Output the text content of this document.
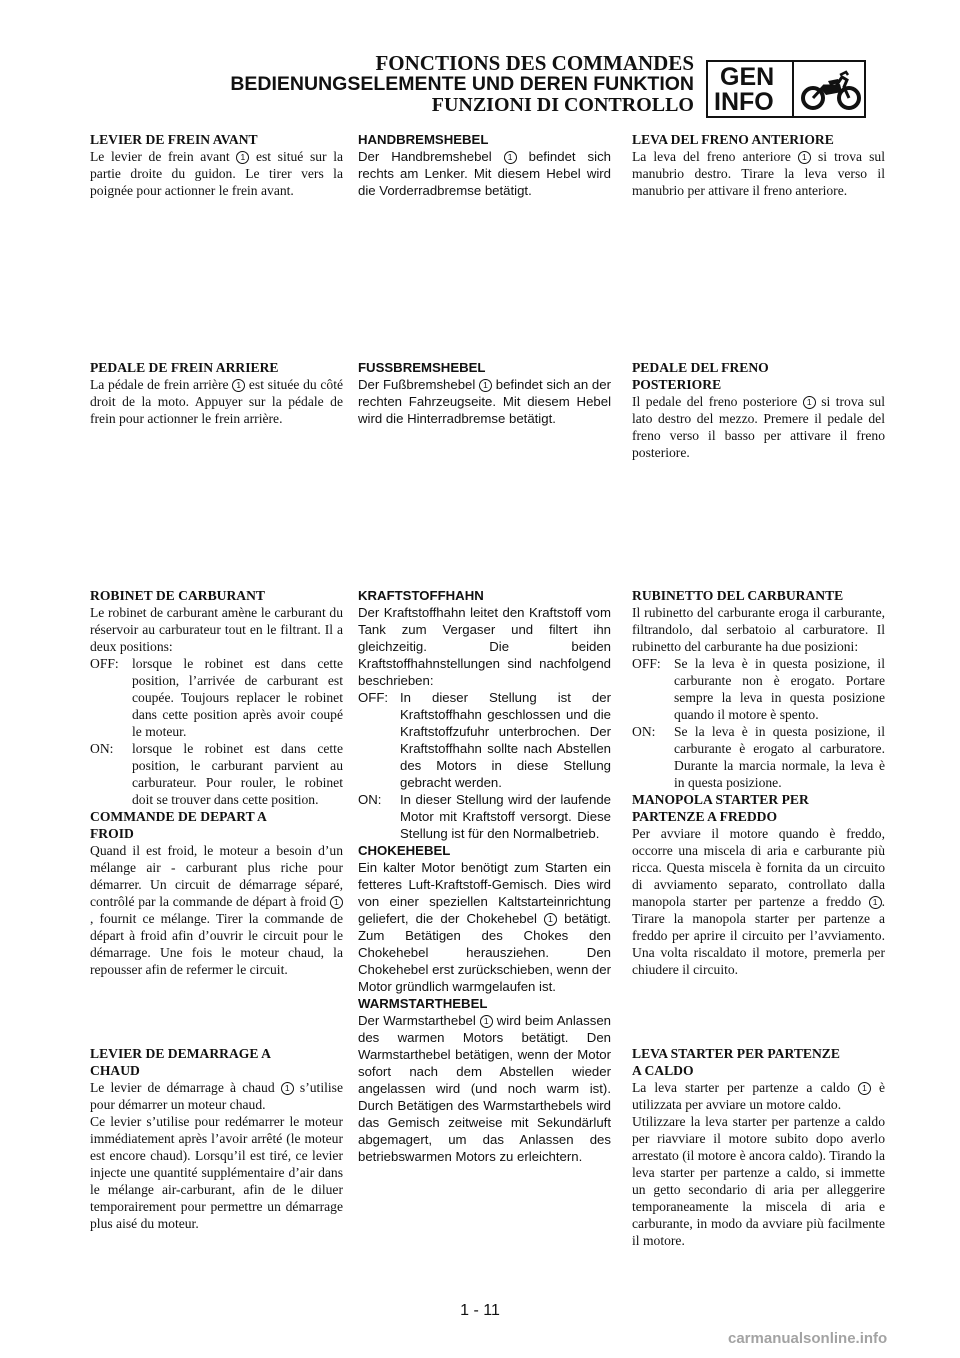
FONCTIONS DES COMMANDES
BEDIENUNGSELEMENTE UND DEREN FUNKTION
FUNZIONI DI CONTROLLO
GEN
INFO

LEVIER DE FREIN AVANT

Le levier de frein avant 1 est situé sur la partie droite du guidon. Le tirer vers la poignée pour actionner le frein avant.

PEDALE DE FREIN ARRIERE

La pédale de frein arrière 1 est située du côté droit de la moto. Appuyer sur la pédale de frein pour actionner le frein arrière.

ROBINET DE CARBURANT

Le robinet de carburant amène le carburant du réservoir au carburateur tout en le filtrant. Il a deux positions:

OFF: lorsque le robinet est dans cette position, l’arrivée de carburant est coupée. Toujours replacer le robinet dans cette position après avoir coupé le moteur.
ON:	lorsque le robinet est dans cette position, le carburant parvient au carburateur. Pour rouler, le robinet doit se trouver dans cette position.

COMMANDE DE DEPART A
FROID

Quand il est froid, le moteur a besoin d’un mélange air - carburant plus riche pour démarrer. Un circuit de démarrage séparé, contrôlé par la commande de départ à froid 1, fournit ce mélange. Tirer la commande de départ à froid afin d’ouvrir le circuit pour le démarrage. Une fois le moteur chaud, la repousser afin de refermer le circuit.

LEVIER DE DEMARRAGE A
CHAUD

Le levier de démarrage à chaud 1 s’utilise pour démarrer un moteur chaud.

Ce levier s’utilise pour redémarrer le moteur immédiatement après l’avoir arrêté (le moteur est encore chaud). Lorsqu’il est tiré, ce levier injecte une quantité supplémentaire d’air dans le mélange air-carburant, afin de le diluer temporairement pour permettre un démarrage plus aisé du moteur.

HANDBREMSHEBEL

Der Handbremshebel 1 befindet sich rechts am Lenker. Mit diesem Hebel wird die Vorderradbremse betätigt.

FUSSBREMSHEBEL

Der Fußbremshebel 1 befindet sich an der rechten Fahrzeugseite. Mit diesem Hebel wird die Hinterradbremse betätigt.

KRAFTSTOFFHAHN

Der Kraftstoffhahn leitet den Kraftstoff vom Tank zum Vergaser und filtert ihn gleichzeitig. Die beiden Kraftstoffhahnstellungen sind nachfolgend beschrieben:

OFF: In dieser Stellung ist der Kraftstoffhahn geschlossen und die Kraftstoffzufuhr unterbrochen. Der Kraftstoffhahn sollte nach Abstellen des Motors in diese Stellung gebracht werden.
ON:	In dieser Stellung wird der laufende Motor mit Kraftstoff versorgt. Diese Stellung ist für den Normalbetrieb.

CHOKEHEBEL

Ein kalter Motor benötigt zum Starten ein fetteres Luft-Kraftstoff-Gemisch. Dies wird von einer speziellen Kaltstarteinrichtung geliefert, die der Chokehebel 1 betätigt. Zum Betätigen des Chokes den Chokehebel herausziehen. Den Chokehebel erst zurückschieben, wenn der Motor gründlich warmgelaufen ist.

WARMSTARTHEBEL

Der Warmstarthebel 1 wird beim Anlassen des warmen Motors betätigt. Den Warmstarthebel betätigen, wenn der Motor sofort nach dem Abstellen wieder angelassen wird (und noch warm ist). Durch Betätigen des Warmstarthebels wird das Gemisch zeitweise mit Sekundärluft abgemagert, um das Anlassen des betriebswarmen Motors zu erleichtern.

LEVA DEL FRENO ANTERIORE

La leva del freno anteriore 1 si trova sul manubrio destro. Tirare la leva verso il manubrio per attivare il freno anteriore.

PEDALE DEL FRENO
POSTERIORE

Il pedale del freno posteriore 1 si trova sul lato destro del mezzo. Premere il pedale del freno verso il basso per attivare il freno posteriore.

RUBINETTO DEL CARBURANTE

Il rubinetto del carburante eroga il carburante, filtrandolo, dal serbatoio al carburatore. Il rubinetto del carburante ha due posizioni:

OFF: Se la leva è in questa posizione, il carburante non è erogato. Portare sempre la leva in questa posizione quando il motore è spento.
ON:	Se la leva è in questa posizione, il carburante è erogato al carburatore. Durante la marcia normale, la leva è in questa posizione.

MANOPOLA STARTER PER
PARTENZE A FREDDO

Per avviare il motore quando è freddo, occorre una miscela di aria e carburante più ricca. Questa miscela è fornita da un circuito di avviamento separato, controllato dalla manopola starter per partenze a freddo 1 . Tirare la manopola starter per partenze a freddo per aprire il circuito per l’avviamento. Una volta riscaldato il motore, premerla per chiudere il circuito.

LEVA STARTER PER PARTENZE
A CALDO

La leva starter per partenze a caldo 1 è utilizzata per avviare un motore caldo.

Utilizzare la leva starter per partenze a caldo per riavviare il motore subito dopo averlo arrestato (il motore è ancora caldo). Tirando la leva starter per partenze a caldo, si immette un getto secondario di aria per alleggerire temporaneamente la miscela di aria e carburante, in modo da avviare più facilmente il motore.

1 - 11
carmanualsonline.info
